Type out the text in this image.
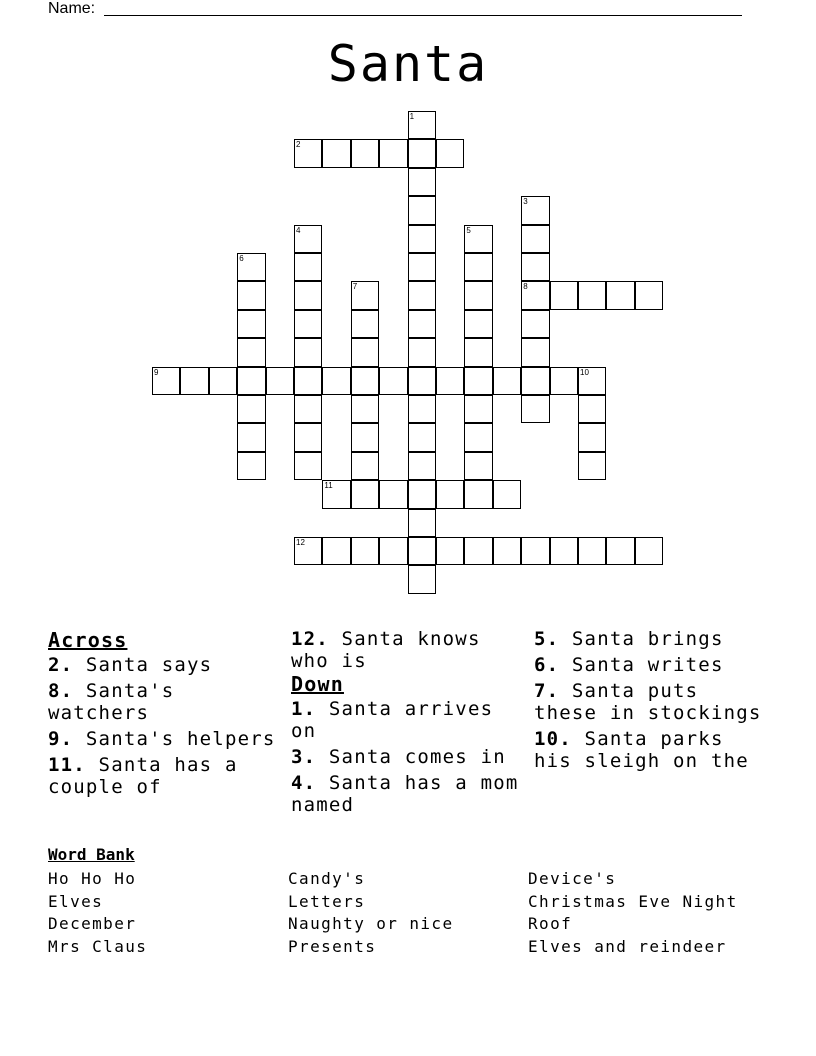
Name:
Santa
1
2
3
8
4	5
6
7
9	10
11
12
Across
2. Santa says
8. Santa's watchers
9. Santa's helpers
11. Santa has a couple of
12. Santa knows who is
Down
1. Santa arrives on
3. Santa comes in
4. Santa has a mom named
5. Santa brings
6. Santa writes
7. Santa puts these in stockings
10. Santa parks his sleigh on the
Word Bank
Ho Ho Ho
Elves
December
Mrs Claus
Candy's
Letters
Naughty or nice
Presents
Device's
Christmas Eve Night
Roof
Elves and reindeer
